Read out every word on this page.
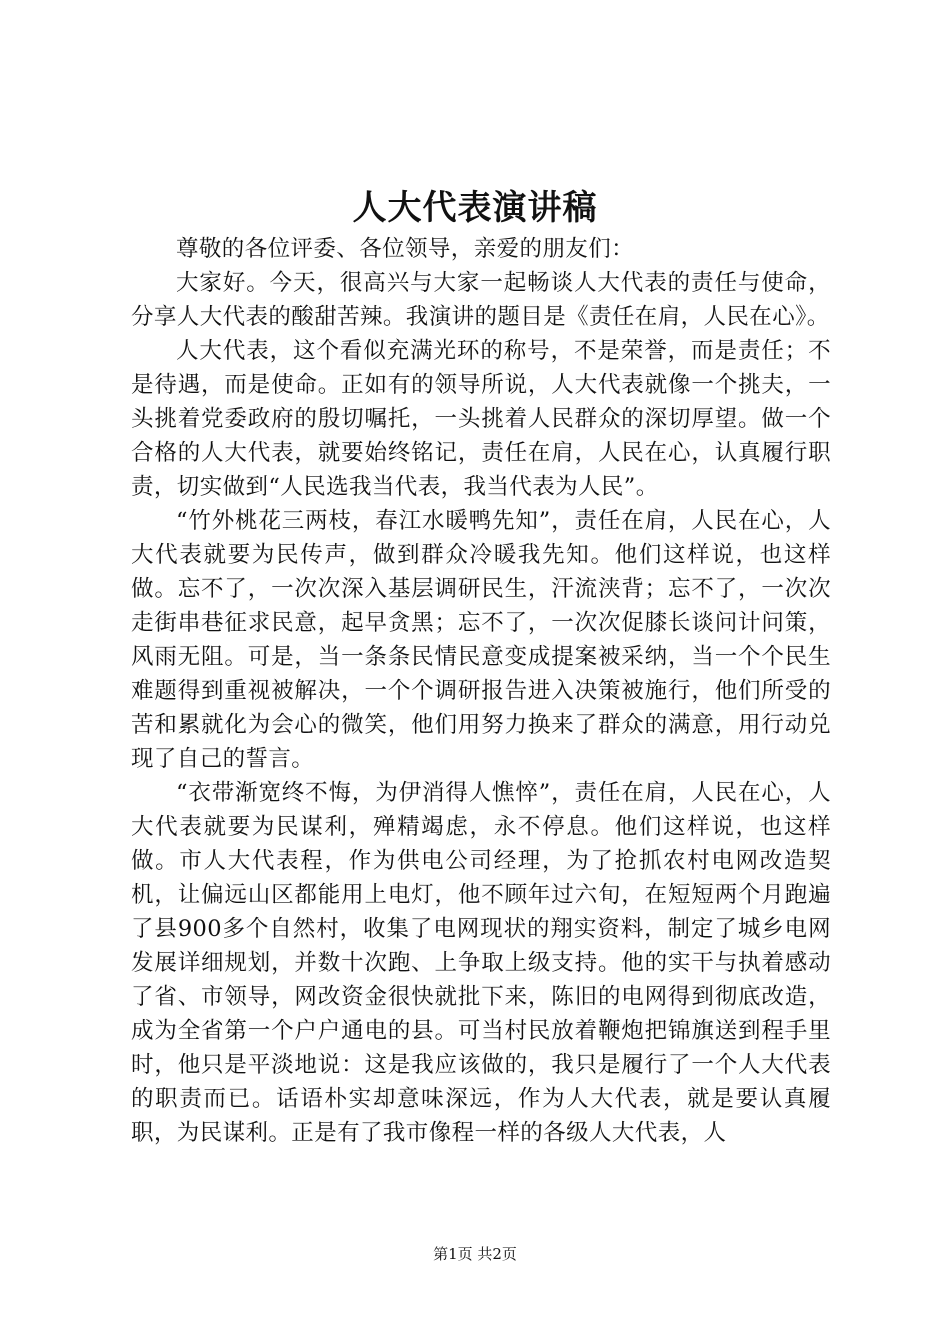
人大代表演讲稿

尊敬的各位评委、各位领导，亲爱的朋友们：

大家好。今天，很高兴与大家一起畅谈人大代表的责任与使命，分享人大代表的酸甜苦辣。我演讲的题目是《责任在肩，人民在心》。

人大代表，这个看似充满光环的称号，不是荣誉，而是责任；不是待遇，而是使命。正如有的领导所说，人大代表就像一个挑夫，一头挑着党委政府的殷切嘱托，一头挑着人民群众的深切厚望。做一个合格的人大代表，就要始终铭记，责任在肩，人民在心，认真履行职责，切实做到“人民选我当代表，我当代表为人民”。

“竹外桃花三两枝，春江水暖鸭先知”，责任在肩，人民在心，人大代表就要为民传声，做到群众冷暖我先知。他们这样说，也这样做。忘不了，一次次深入基层调研民生，汗流浃背；忘不了，一次次走街串巷征求民意，起早贪黑；忘不了，一次次促膝长谈问计问策，风雨无阻。可是，当一条条民情民意变成提案被采纳，当一个个民生难题得到重视被解决，一个个调研报告进入决策被施行，他们所受的苦和累就化为会心的微笑，他们用努力换来了群众的满意，用行动兑现了自己的誓言。

“衣带渐宽终不悔，为伊消得人憔悴”，责任在肩，人民在心，人大代表就要为民谋利，殚精竭虑，永不停息。他们这样说，也这样做。市人大代表程，作为供电公司经理，为了抢抓农村电网改造契机，让偏远山区都能用上电灯，他不顾年过六旬，在短短两个月跑遍了县900多个自然村，收集了电网现状的翔实资料，制定了城乡电网发展详细规划，并数十次跑、上争取上级支持。他的实干与执着感动了省、市领导，网改资金很快就批下来，陈旧的电网得到彻底改造，成为全省第一个户户通电的县。可当村民放着鞭炮把锦旗送到程手里时，他只是平淡地说：这是我应该做的，我只是履行了一个人大代表的职责而已。话语朴实却意味深远，作为人大代表，就是要认真履职，为民谋利。正是有了我市像程一样的各级人大代表，人

第1页 共2页
